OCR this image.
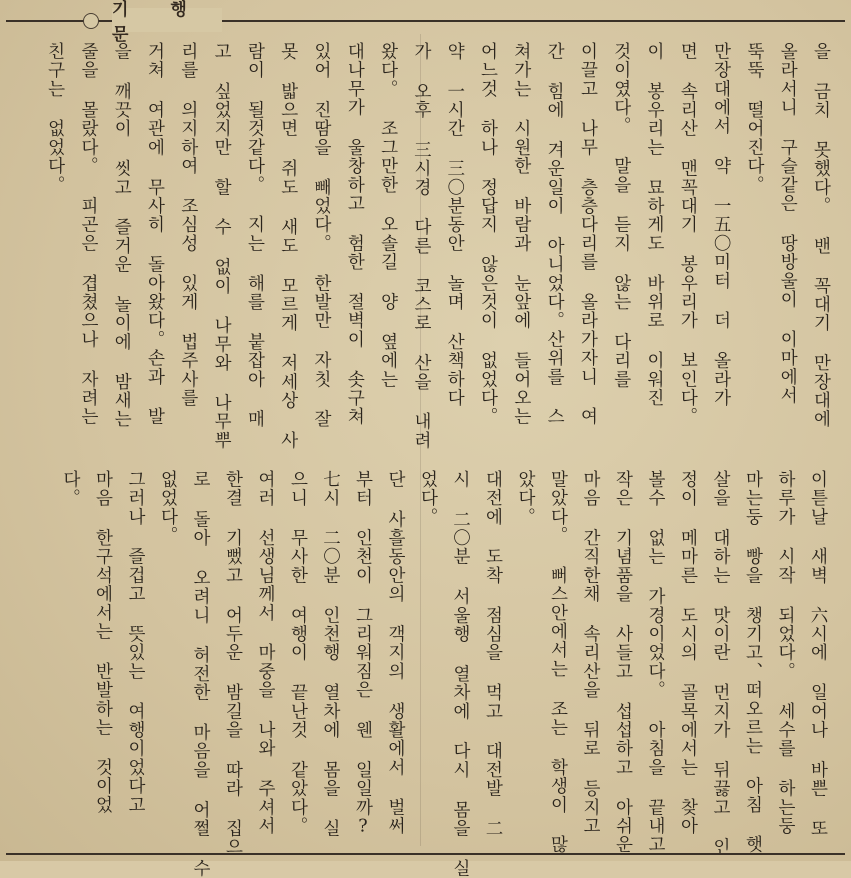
기 행 문
을 금치 못했다。 밴 꼭대기 만장대에
올라서니 구슬같은 땅방울이 이마에서
뚝뚝 떨어진다。
만장대에서 약 一五〇미터 더 올라가
면 속리산 맨꼭대기 봉우리가 보인다。
이 봉우리는 묘하게도 바위로 이워진
것이였다。 말을 듣지 않는 다리를
이끌고 나무 층층다리를 올라가자니 여
간 힘에 겨운일이 아니었다。산위를 스
쳐가는 시원한 바람과 눈앞에 들어오는
어느것 하나 정답지 않은것이 없었다。
약 一시간 三〇분동안 놀며 산책하다
가 오후 三시경 다른 코스로 산을 내려
왔다。 조그만한 오솔길 양 옆에는
대나무가 울창하고 험한 절벽이 솟구쳐
있어 진땀을 빼었다。 한발만 자칫 잘
못 밟으면 쥐도 새도 모르게 저세상 사
람이 될것같다。 지는 해를 붙잡아 매
고 싶었지만 할 수 없이 나무와 나무뿌
리를 의지하여 조심성 있게 법주사를
거쳐 여관에 무사히 돌아왔다。손과 발
을 깨끗이 씻고 즐거운 놀이에 밤새는
줄을 몰랐다。 피곤은 겹쳤으나 자려는
친구는 없었다。
이튿날 새벽 六시에 일어나 바쁜 또
하루가 시작 되었다。 세수를 하는둥
마는둥 빵을 챙기고、떠오르는 아침 햇
살을 대하는 맛이란 먼지가 뒤끓고 인
정이 메마른 도시의 골목에서는 찾아
볼수 없는 가경이었다。 아침을 끝내고
작은 기념품을 사들고 섭섭하고 아쉬운
마음 간직한채 속리산을 뒤로 등지고
말았다。 뻐스안에서는 조는 학생이 많
았다。
대전에 도착 점심을 먹고 대전발 二
시 二〇분 서울행 열차에 다시 몸을 실
었다。
단 사흘동안의 객지의 생활에서 벌써
부터 인천이 그리워짐은 웬 일일까?
七시 二〇분 인천행 열차에 몸을 실
으니 무사한 여행이 끝난것 같았다。
여러 선생님께서 마중을 나와 주셔서
한결 기뻤고 어두운 밤길을 따라 집으
로 돌아 오려니 허전한 마음을 어쩔 수
없었다。
그러나 즐겁고 뜻있는 여행이었다고
마음 한구석에서는 반발하는 것이었
다。
